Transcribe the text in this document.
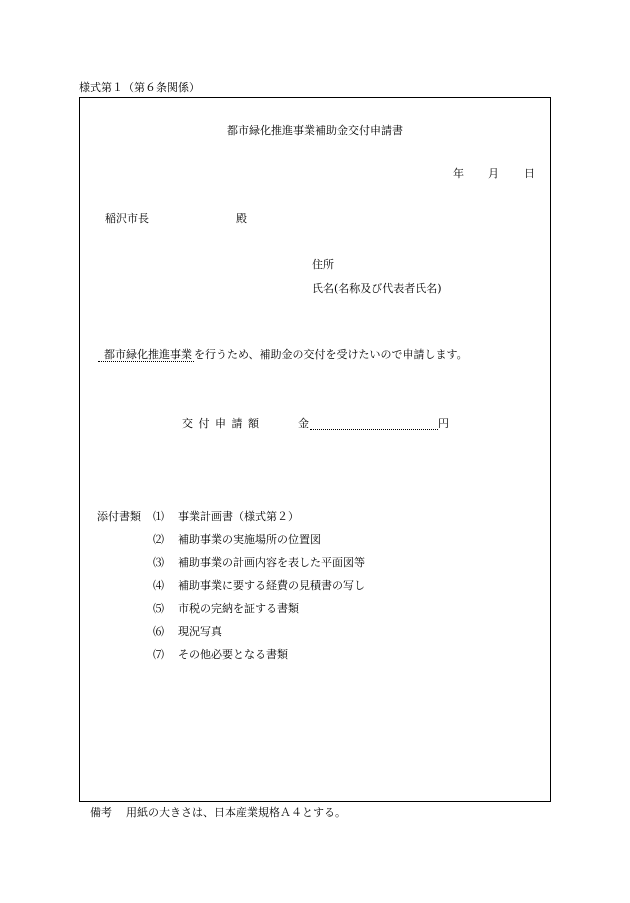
様式第１（第６条関係）
都市緑化推進事業補助金交付申請書
年 月 日
稲沢市長	殿
住所
氏名(名称及び代表者氏名)
都市緑化推進事業 を行うため、補助金の交付を受けたいので申請します。
交付申請額	金	円
添付書類 ⑴	事業計画書（様式第２）
⑵	補助事業の実施場所の位置図
⑶	補助事業の計画内容を表した平面図等
⑷	補助事業に要する経費の見積書の写し
⑸	市税の完納を証する書類
⑹	現況写真
⑺	その他必要となる書類
備考 用紙の大きさは、日本産業規格Ａ４とする。
